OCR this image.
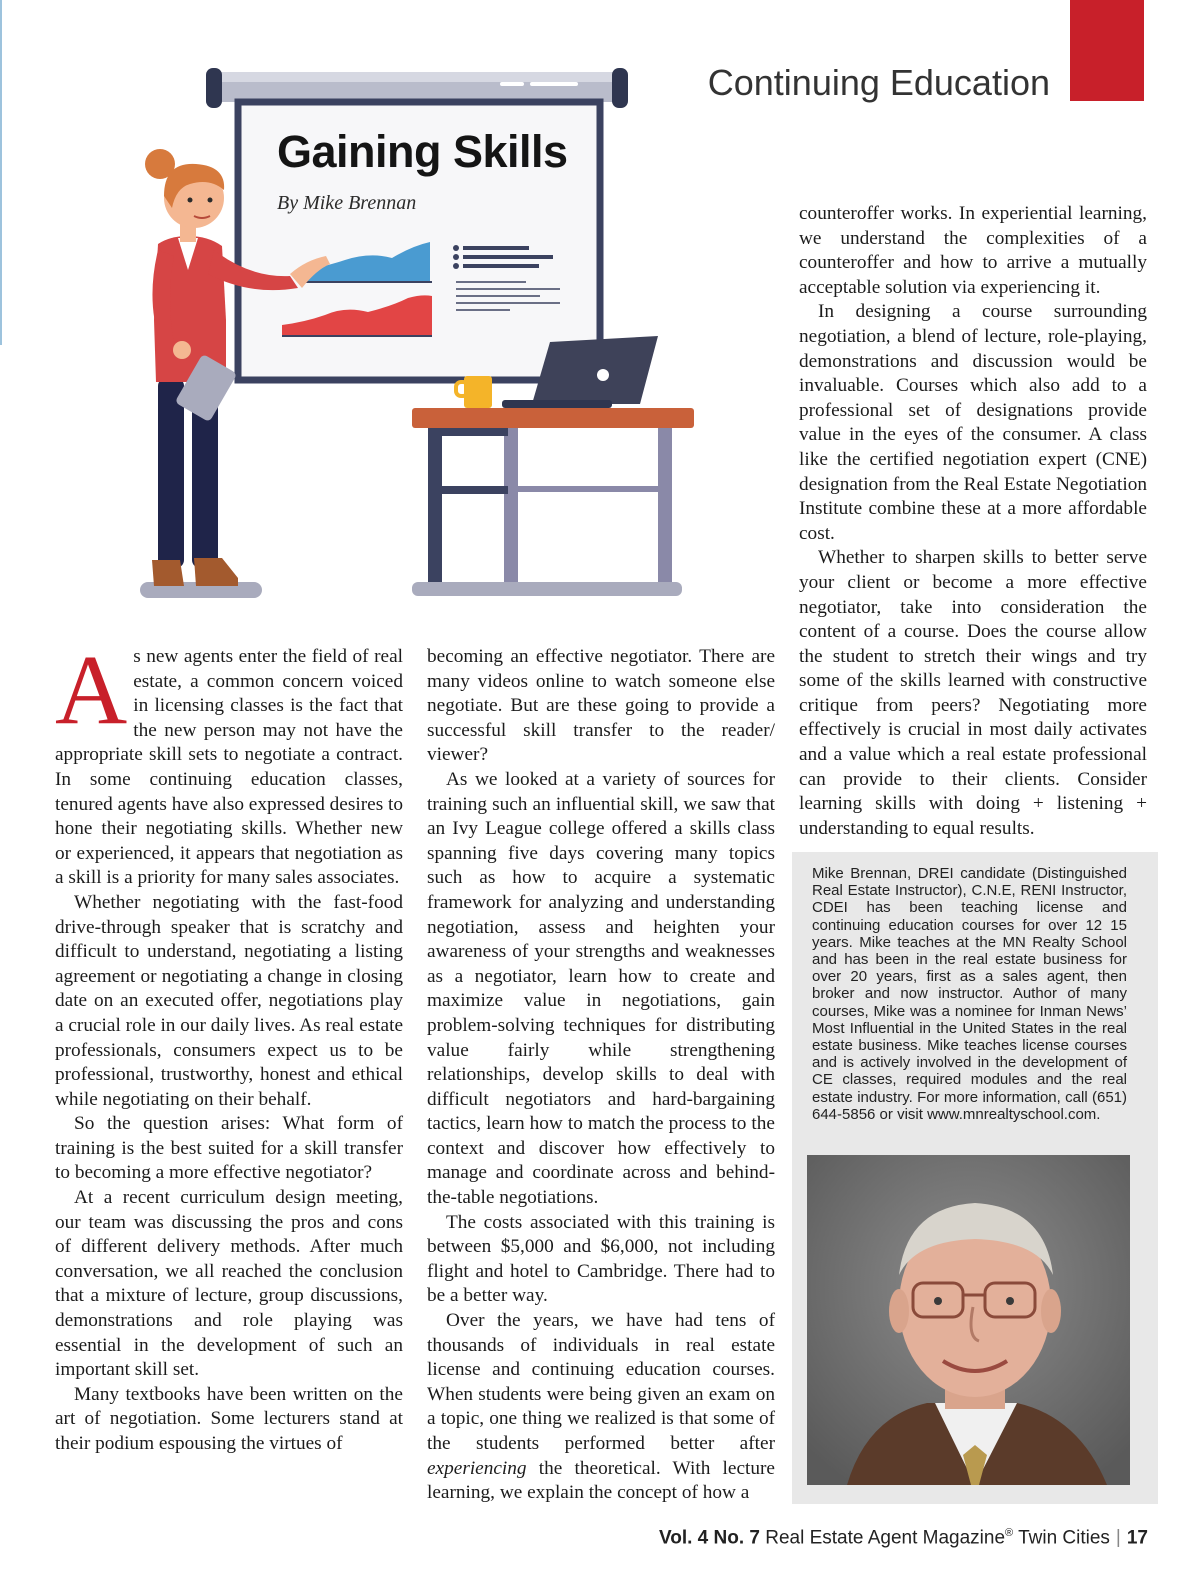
Continuing Education
Gaining Skills
By Mike Brennan

As new agents enter the field of real estate, a common concern voiced in licensing classes is the fact that the new person may not have the appropriate skill sets to negotiate a contract. In some continuing education classes, tenured agents have also expressed desires to hone their negotiating skills. Whether new or experienced, it appears that negotiation as a skill is a priority for many sales associates.

Whether negotiating with the fast-food drive-through speaker that is scratchy and difficult to understand, negotiating a listing agreement or negotiating a change in closing date on an executed offer, negotiations play a crucial role in our daily lives. As real estate professionals, consumers expect us to be professional, trustworthy, honest and ethical while negotiating on their behalf.

So the question arises: What form of training is the best suited for a skill transfer to becoming a more effective negotiator?

At a recent curriculum design meeting, our team was discussing the pros and cons of different delivery methods. After much conversation, we all reached the conclusion that a mixture of lecture, group discussions, demonstrations and role playing was essential in the development of such an important skill set.

Many textbooks have been written on the art of negotiation. Some lecturers stand at their podium espousing the virtues of

becoming an effective negotiator. There are many videos online to watch someone else negotiate. But are these going to provide a successful skill transfer to the reader/ viewer?

As we looked at a variety of sources for training such an influential skill, we saw that an Ivy League college offered a skills class spanning five days covering many topics such as how to acquire a systematic framework for analyzing and understanding negotiation, assess and heighten your awareness of your strengths and weaknesses as a negotiator, learn how to create and maximize value in negotiations, gain problem-solving techniques for distributing value fairly while strengthening relationships, develop skills to deal with difficult negotiators and hard-bargaining tactics, learn how to match the process to the context and discover how effectively to manage and coordinate across and behind-the-table negotiations.

The costs associated with this training is between $5,000 and $6,000, not including flight and hotel to Cambridge. There had to be a better way.

Over the years, we have had tens of thousands of individuals in real estate license and continuing education courses. When students were being given an exam on a topic, one thing we realized is that some of the students performed better after experiencing the theoretical. With lecture learning, we explain the concept of how a

counteroffer works. In experiential learning, we understand the complexities of a counteroffer and how to arrive a mutually acceptable solution via experiencing it.

In designing a course surrounding negotiation, a blend of lecture, role-playing, demonstrations and discussion would be invaluable. Courses which also add to a professional set of designations provide value in the eyes of the consumer. A class like the certified negotiation expert (CNE) designation from the Real Estate Negotiation Institute combine these at a more affordable cost.

Whether to sharpen skills to better serve your client or become a more effective negotiator, take into consideration the content of a course. Does the course allow the student to stretch their wings and try some of the skills learned with constructive critique from peers? Negotiating more effectively is crucial in most daily activates and a value which a real estate professional can provide to their clients. Consider learning skills with doing + listening + understanding to equal results.

Mike Brennan, DREI candidate (Distinguished Real Estate Instructor), C.N.E, RENI Instructor, CDEI has been teaching license and continuing education courses for over 12 15 years. Mike teaches at the MN Realty School and has been in the real estate business for over 20 years, first as a sales agent, then broker and now instructor. Author of many courses, Mike was a nominee for Inman News’ Most Influential in the United States in the real estate business. Mike teaches license courses and is actively involved in the development of CE classes, required modules and the real estate industry. For more information, call (651) 644-5856 or visit www.mnrealtyschool.com.
Vol. 4 No. 7 Real Estate Agent Magazine® Twin Cities | 17
